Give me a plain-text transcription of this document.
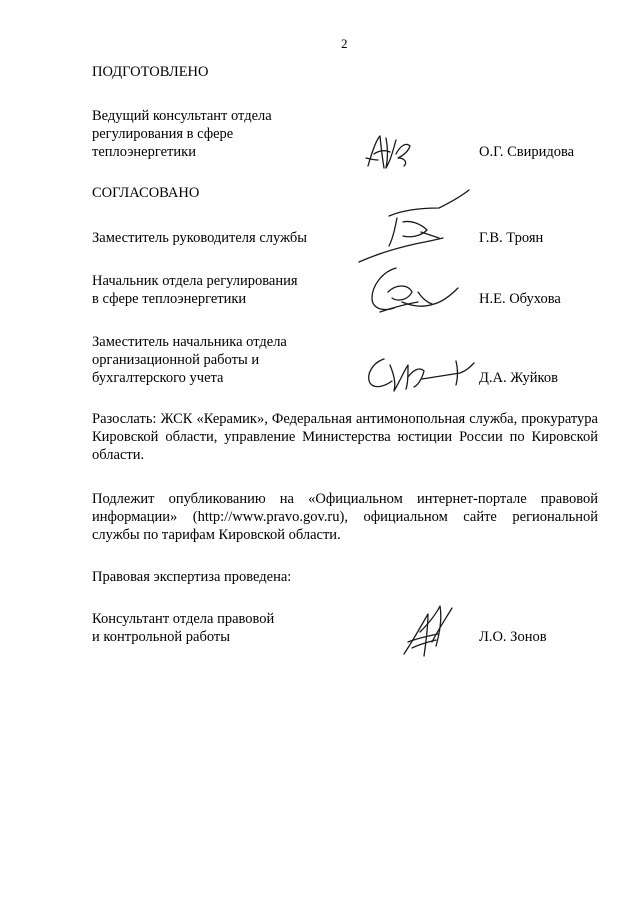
2
ПОДГОТОВЛЕНО
Ведущий консультант отдела
регулирования в сфере
теплоэнергетики	О.Г. Свиридова
СОГЛАСОВАНО
Заместитель руководителя службы	Г.В. Троян
Начальник отдела регулирования
в сфере теплоэнергетики	Н.Е. Обухова
Заместитель начальника отдела
организационной работы и
бухгалтерского учета	Д.А. Жуйков
Разослать: ЖСК «Керамик», Федеральная антимонопольная служба, прокуратура Кировской области, управление Министерства юстиции России по Кировской области.
Подлежит опубликованию на «Официальном интернет-портале правовой информации» (http://www.pravo.gov.ru), официальном сайте региональной службы по тарифам Кировской области.
Правовая экспертиза проведена:
Консультант отдела правовой
и контрольной работы	Л.О. Зонов
